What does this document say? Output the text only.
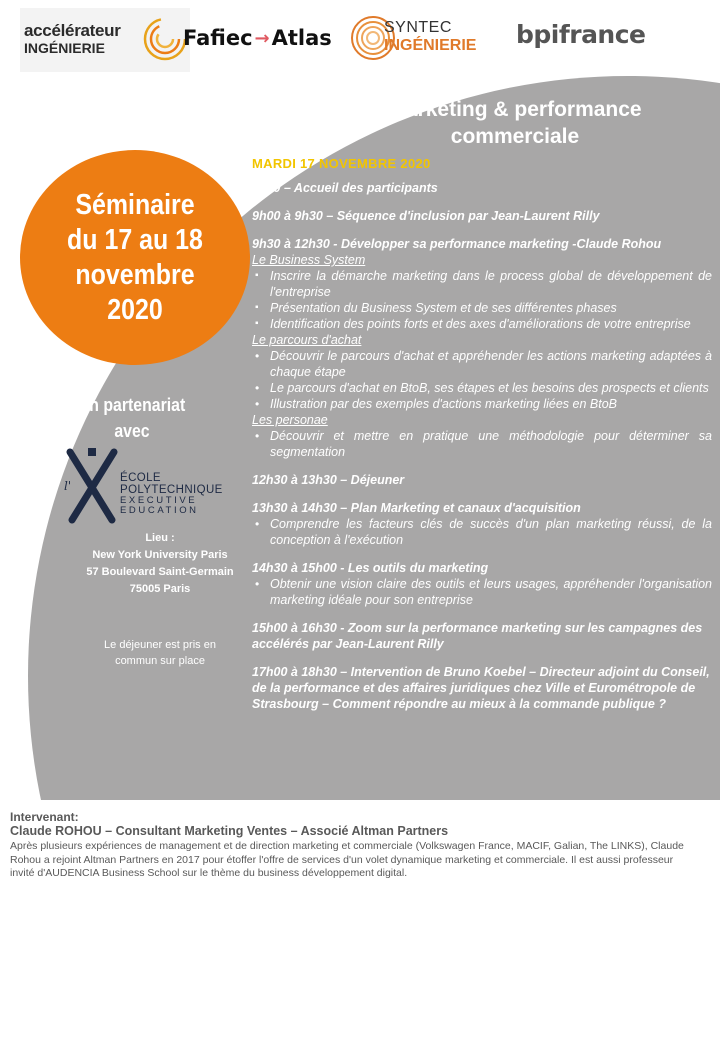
accélérateur
INGÉNIERIE	Fafiec → Atlas	SYNTEC
INGÉNIERIE bpifrance
Séminaire
du 17 au 18
novembre
2020
Marketing & performance commerciale
En partenariat avec
l'
ÉCOLE
POLYTECHNIQUE
EXECUTIVE
EDUCATION
Lieu :
New York University Paris
57 Boulevard Saint-Germain
75005 Paris
Le déjeuner est pris en commun sur place
MARDI 17 NOVEMBRE 2020
8h30 – Accueil des participants
9h00 à 9h30 – Séquence d'inclusion par Jean-Laurent Rilly
9h30 à 12h30 - Développer sa performance marketing -Claude Rohou
Le Business System
▪ Inscrire la démarche marketing dans le process global de développement de l'entreprise
▪ Présentation du Business System et de ses différentes phases
▪ Identification des points forts et des axes d'améliorations de votre entreprise
Le parcours d'achat
• Découvrir le parcours d'achat et appréhender les actions marketing adaptées à chaque étape
• Le parcours d'achat en BtoB, ses étapes et les besoins des prospects et clients
• Illustration par des exemples d'actions marketing liées en BtoB
Les personae
• Découvrir et mettre en pratique une méthodologie pour déterminer sa segmentation
12h30 à 13h30 – Déjeuner
13h30 à 14h30 – Plan Marketing et canaux d'acquisition
• Comprendre les facteurs clés de succès d'un plan marketing réussi, de la conception à l'exécution
14h30 à 15h00 - Les outils du marketing
• Obtenir une vision claire des outils et leurs usages, appréhender l'organisation marketing idéale pour son entreprise
15h00 à 16h30 - Zoom sur la performance marketing sur les campagnes des accélérés par Jean-Laurent Rilly
17h00 à 18h30 – Intervention de Bruno Koebel – Directeur adjoint du Conseil, de la performance et des affaires juridiques chez Ville et Eurométropole de Strasbourg – Comment répondre au mieux à la commande publique ?
Intervenant:
Claude ROHOU – Consultant Marketing Ventes – Associé Altman Partners
Après plusieurs expériences de management et de direction marketing et commerciale (Volkswagen France, MACIF, Galian, The LINKS), Claude Rohou a rejoint Altman Partners en 2017 pour étoffer l'offre de services d'un volet dynamique marketing et commerciale. Il est aussi professeur invité d'AUDENCIA Business School sur le thème du business développement digital.
